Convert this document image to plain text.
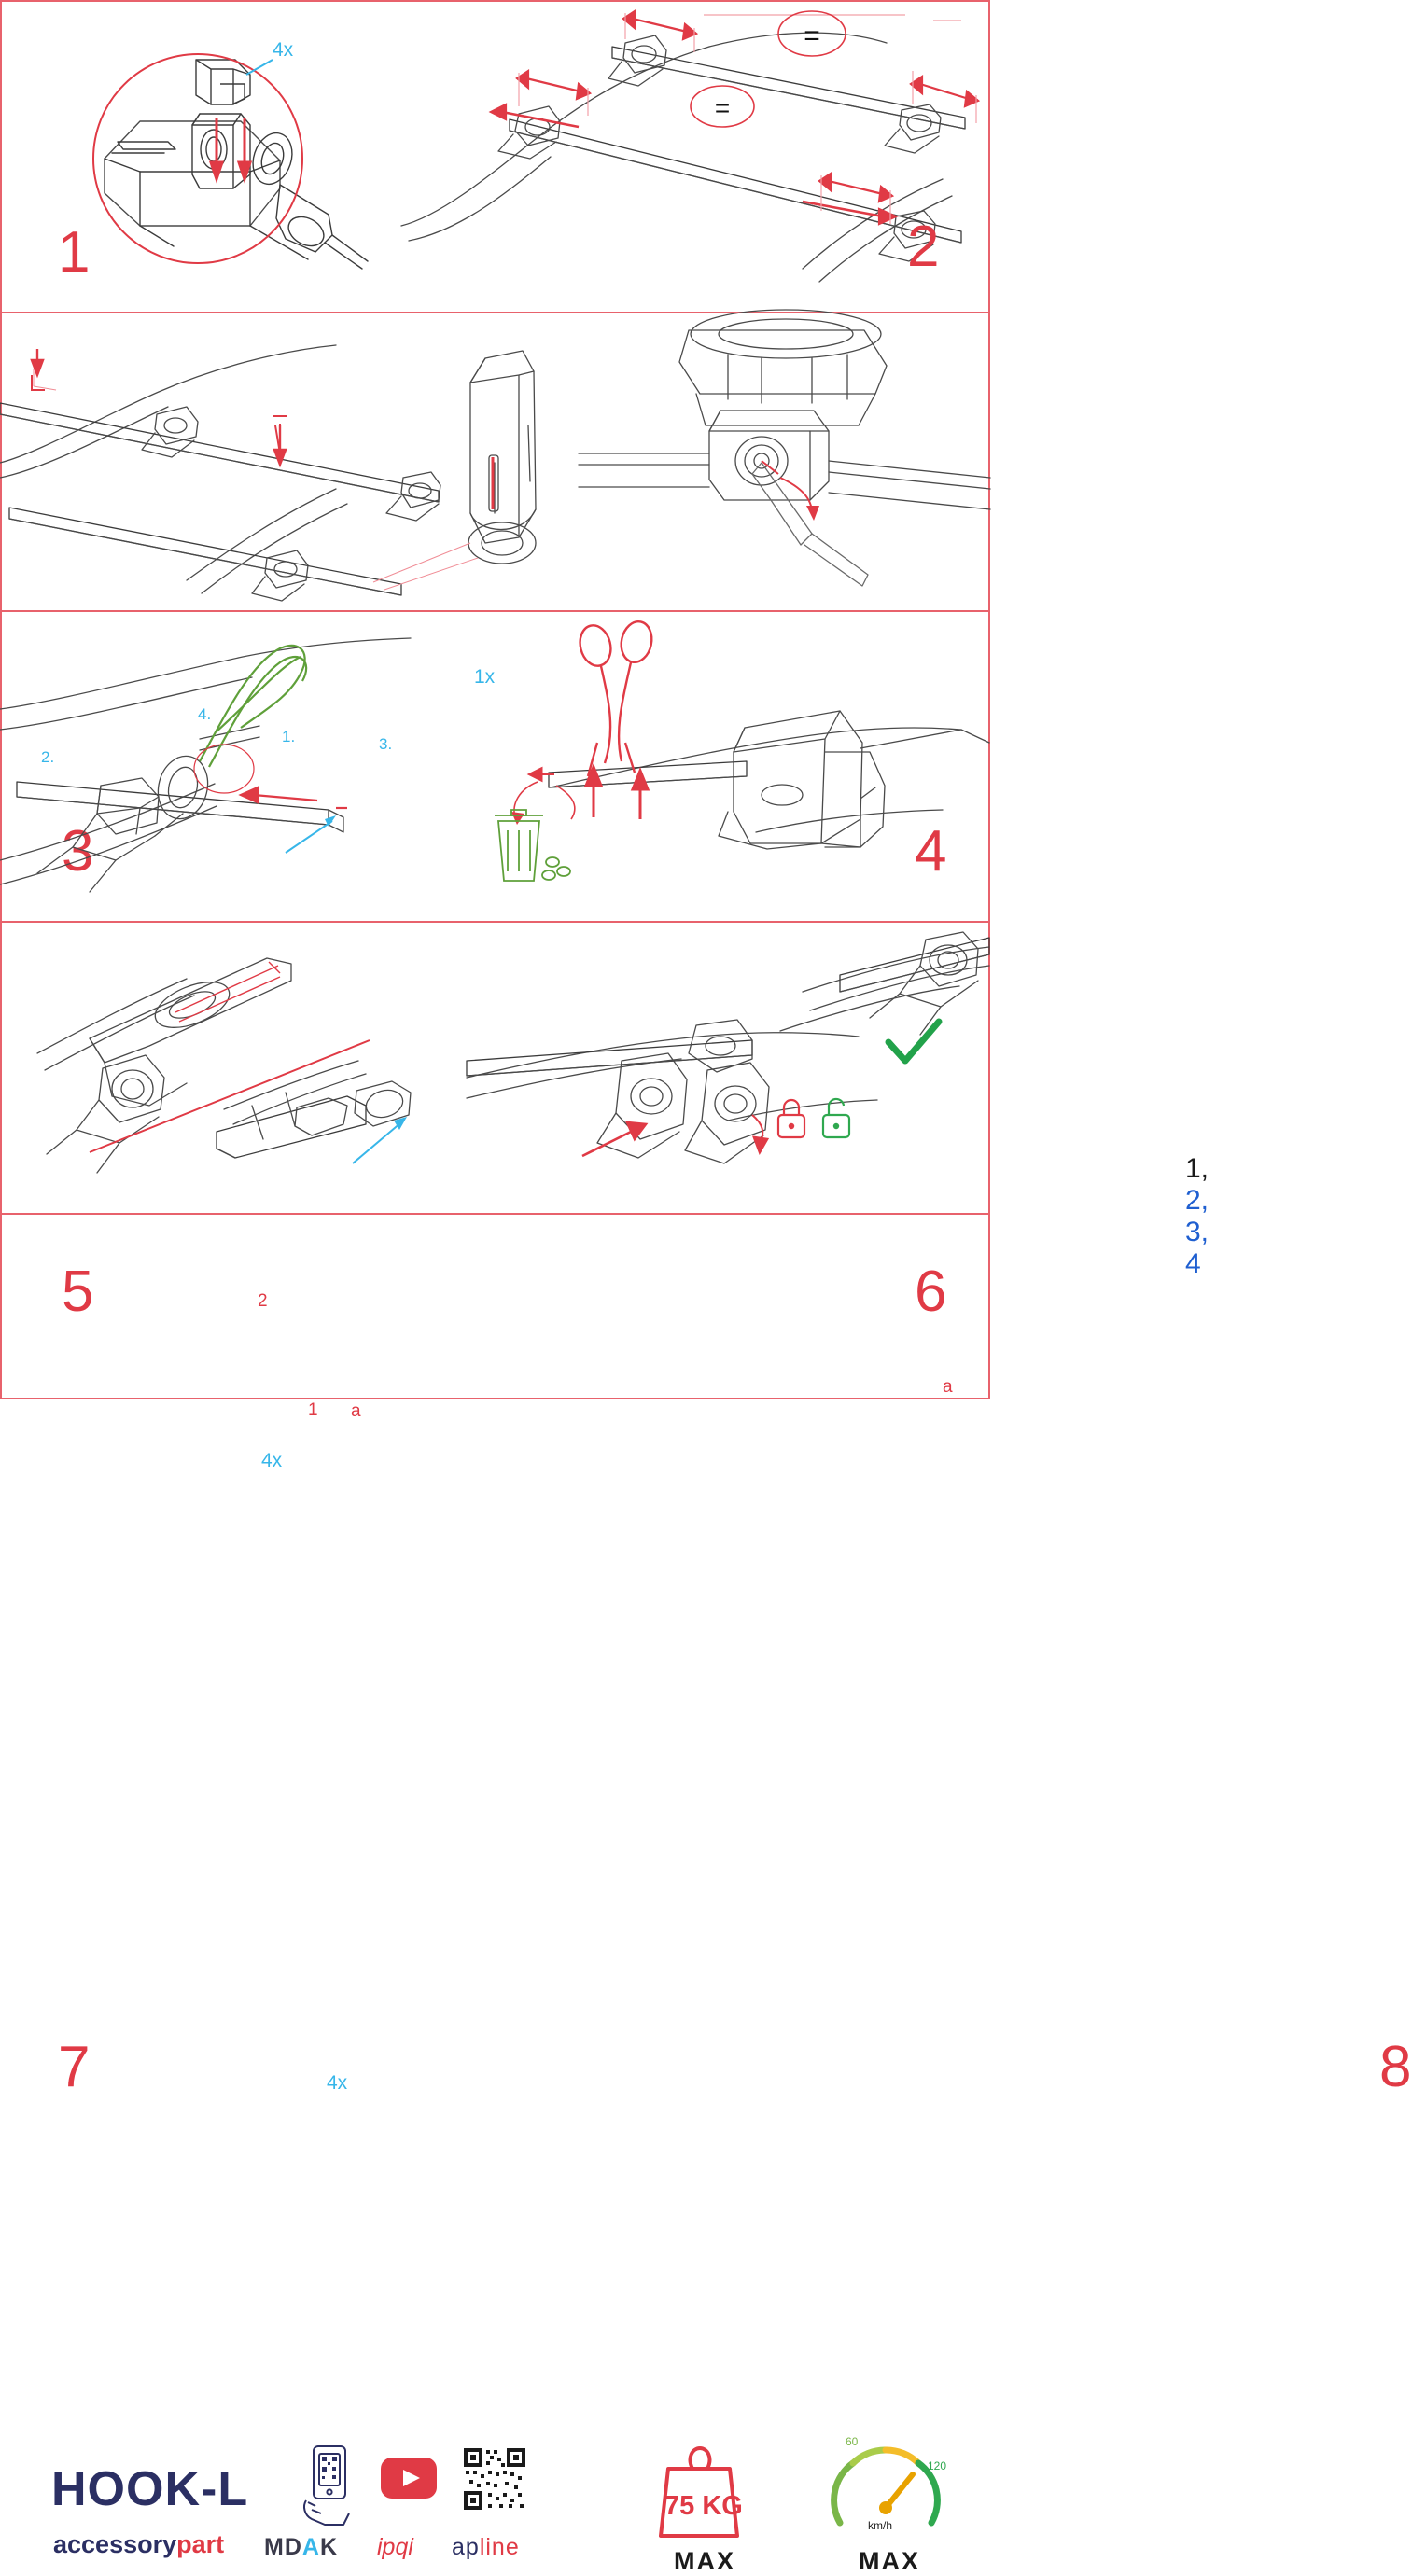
4x
1
=
=
2
1.
2.
3.
4.
1x
3
1, 2, 3, 4
4
1
2
a
4x
5
a
6
4x
7	8
HOOK-L
accessorypart MDAK ipqi apline
75 KG
MAX
60
120
km/h
MAX
